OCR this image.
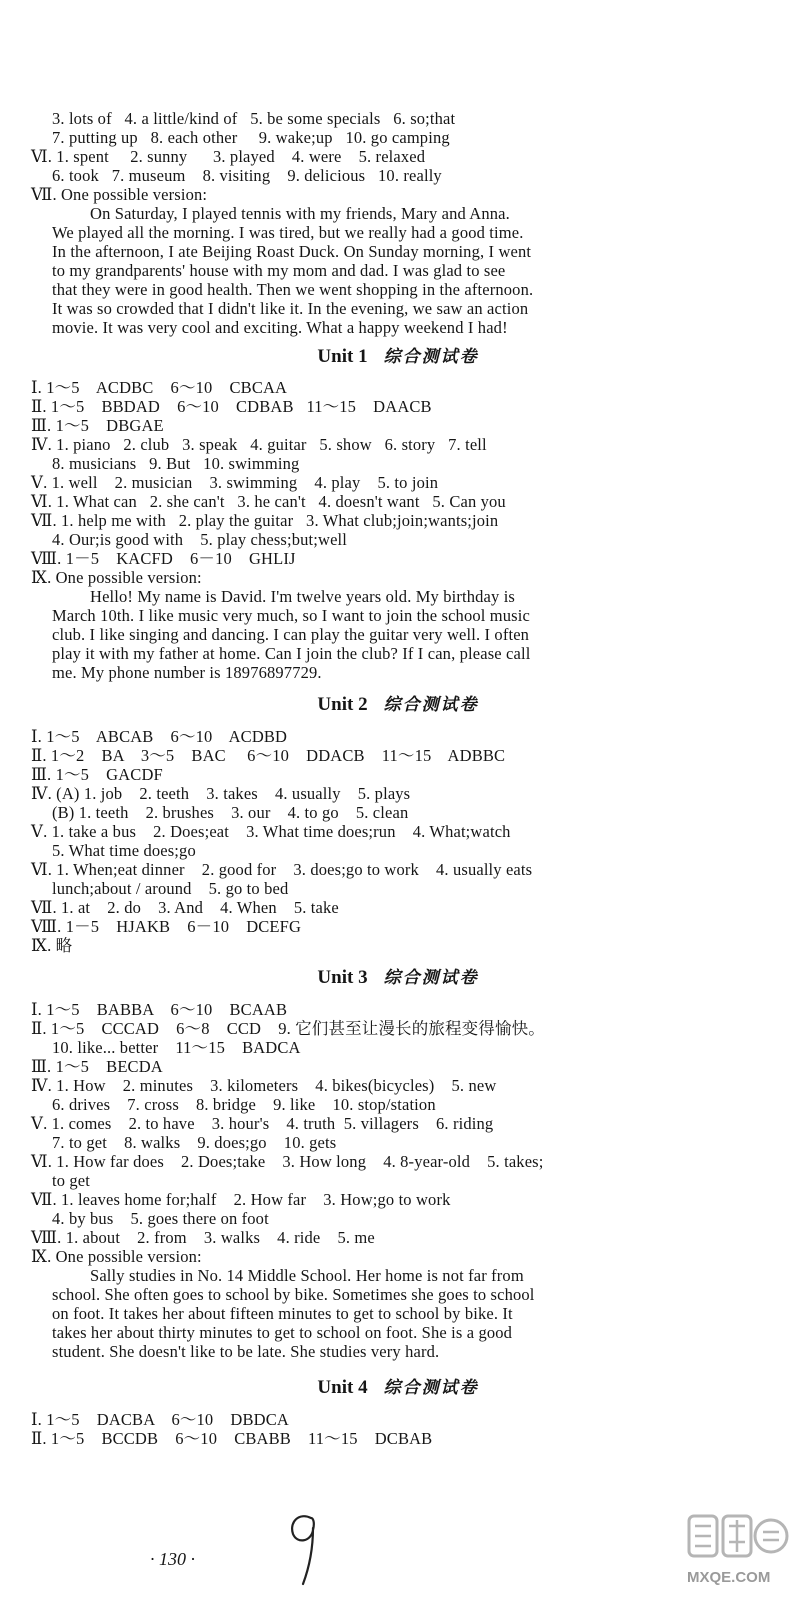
3. lots of   4. a little/kind of   5. be some specials   6. so;that
7. putting up   8. each other     9. wake;up   10. go camping
Ⅵ. 1. spent     2. sunny      3. played    4. were    5. relaxed
6. took   7. museum    8. visiting    9. delicious   10. really
Ⅶ. One possible version:
On Saturday, I played tennis with my friends, Mary and Anna.
We played all the morning. I was tired, but we really had a good time.
In the afternoon, I ate Beijing Roast Duck. On Sunday morning, I went
to my grandparents' house with my mom and dad. I was glad to see
that they were in good health. Then we went shopping in the afternoon.
It was so crowded that I didn't like it. In the evening, we saw an action
movie. It was very cool and exciting. What a happy weekend I had!
Unit 1 综合测试卷
Ⅰ. 1～5    ACDBC    6～10    CBCAA
Ⅱ. 1～5    BBDAD    6～10    CDBAB   11～15    DAACB
Ⅲ. 1～5    DBGAE
Ⅳ. 1. piano   2. club   3. speak   4. guitar   5. show   6. story   7. tell
8. musicians   9. But   10. swimming
Ⅴ. 1. well    2. musician    3. swimming    4. play    5. to join
Ⅵ. 1. What can   2. she can't   3. he can't   4. doesn't want   5. Can you
Ⅶ. 1. help me with   2. play the guitar   3. What club;join;wants;join
4. Our;is good with    5. play chess;but;well
Ⅷ. 1－5    KACFD    6－10    GHLIJ
Ⅸ. One possible version:
Hello! My name is David. I'm twelve years old. My birthday is
March 10th. I like music very much, so I want to join the school music
club. I like singing and dancing. I can play the guitar very well. I often
play it with my father at home. Can I join the club? If I can, please call
me. My phone number is 18976897729.
Unit 2 综合测试卷
Ⅰ. 1～5    ABCAB    6～10    ACDBD
Ⅱ. 1～2    BA    3～5    BAC     6～10    DDACB    11～15    ADBBC
Ⅲ. 1～5    GACDF
Ⅳ. (A) 1. job    2. teeth    3. takes    4. usually    5. plays
(B) 1. teeth    2. brushes    3. our    4. to go    5. clean
Ⅴ. 1. take a bus    2. Does;eat    3. What time does;run    4. What;watch
5. What time does;go
Ⅵ. 1. When;eat dinner    2. good for    3. does;go to work    4. usually eats
lunch;about / around    5. go to bed
Ⅶ. 1. at    2. do    3. And    4. When    5. take
Ⅷ. 1－5    HJAKB    6－10    DCEFG
Ⅸ. 略
Unit 3 综合测试卷
Ⅰ. 1～5    BABBA    6～10    BCAAB
Ⅱ. 1～5    CCCAD    6～8    CCD    9. 它们甚至让漫长的旅程变得愉快。
10. like... better    11～15    BADCA
Ⅲ. 1～5    BECDA
Ⅳ. 1. How    2. minutes    3. kilometers    4. bikes(bicycles)    5. new
6. drives    7. cross    8. bridge    9. like    10. stop/station
Ⅴ. 1. comes    2. to have    3. hour's    4. truth  5. villagers    6. riding
7. to get    8. walks    9. does;go    10. gets
Ⅵ. 1. How far does    2. Does;take    3. How long    4. 8-year-old    5. takes;
to get
Ⅶ. 1. leaves home for;half    2. How far    3. How;go to work
4. by bus    5. goes there on foot
Ⅷ. 1. about    2. from    3. walks    4. ride    5. me
Ⅸ. One possible version:
Sally studies in No. 14 Middle School. Her home is not far from
school. She often goes to school by bike. Sometimes she goes to school
on foot. It takes her about fifteen minutes to get to school by bike. It
takes her about thirty minutes to get to school on foot. She is a good
student. She doesn't like to be late. She studies very hard.
Unit 4 综合测试卷
Ⅰ. 1～5    DACBA    6～10    DBDCA
Ⅱ. 1～5    BCCDB    6～10    CBABB    11～15    DCBAB
· 130 ·
MXQE.COM
